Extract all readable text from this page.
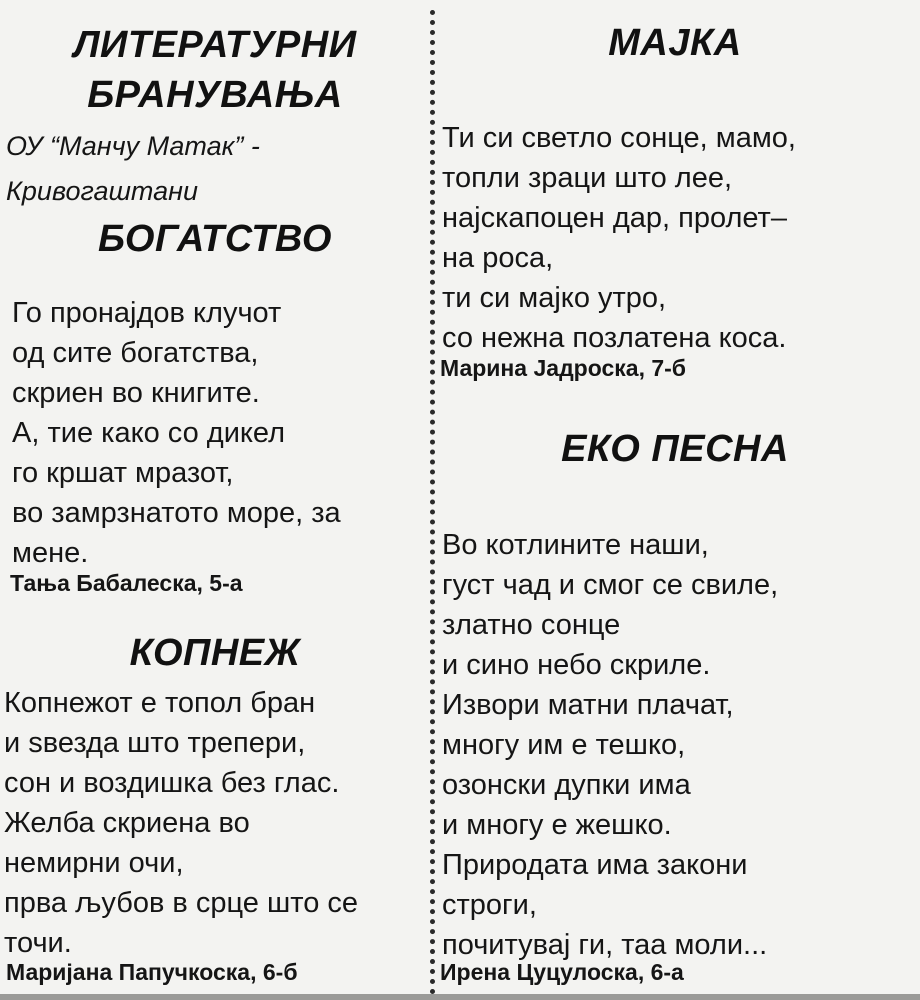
ЛИТЕРАТУРНИ
БРАНУВАЊА

ОУ “Манчу Матак” -

Кривогаштани

БОГАТСТВО
Го пронајдов клучот
од сите богатства,
скриен во книгите.
А, тие како со дикел
го кршат мразот,
во замрзнатото море, за
мене.

Тања Бабалеска, 5-а

КОПНЕЖ
Копнежот е топол бран
и ѕвезда што трепери,
сон и воздишка без глас.
Желба скриена во
немирни очи,
прва љубов в срце што се
точи.

Маријана Папучкоска, 6-б

МАЈКА
Ти си светло сонце, мамо,
топли зраци што лее,
најскапоцен дар, пролет–
на роса,
ти си мајко утро,
со нежна позлатена коса.

Марина Јадроска, 7-б

ЕКО ПЕСНА
Во котлините наши,
густ чад и смог се свиле,
златно сонце
и сино небо скриле.
Извори матни плачат,
многу им е тешко,
озонски дупки има
и многу е жешко.
Природата има закони
строги,
почитувај ги, таа моли...

Ирена Цуцулоска, 6-а
